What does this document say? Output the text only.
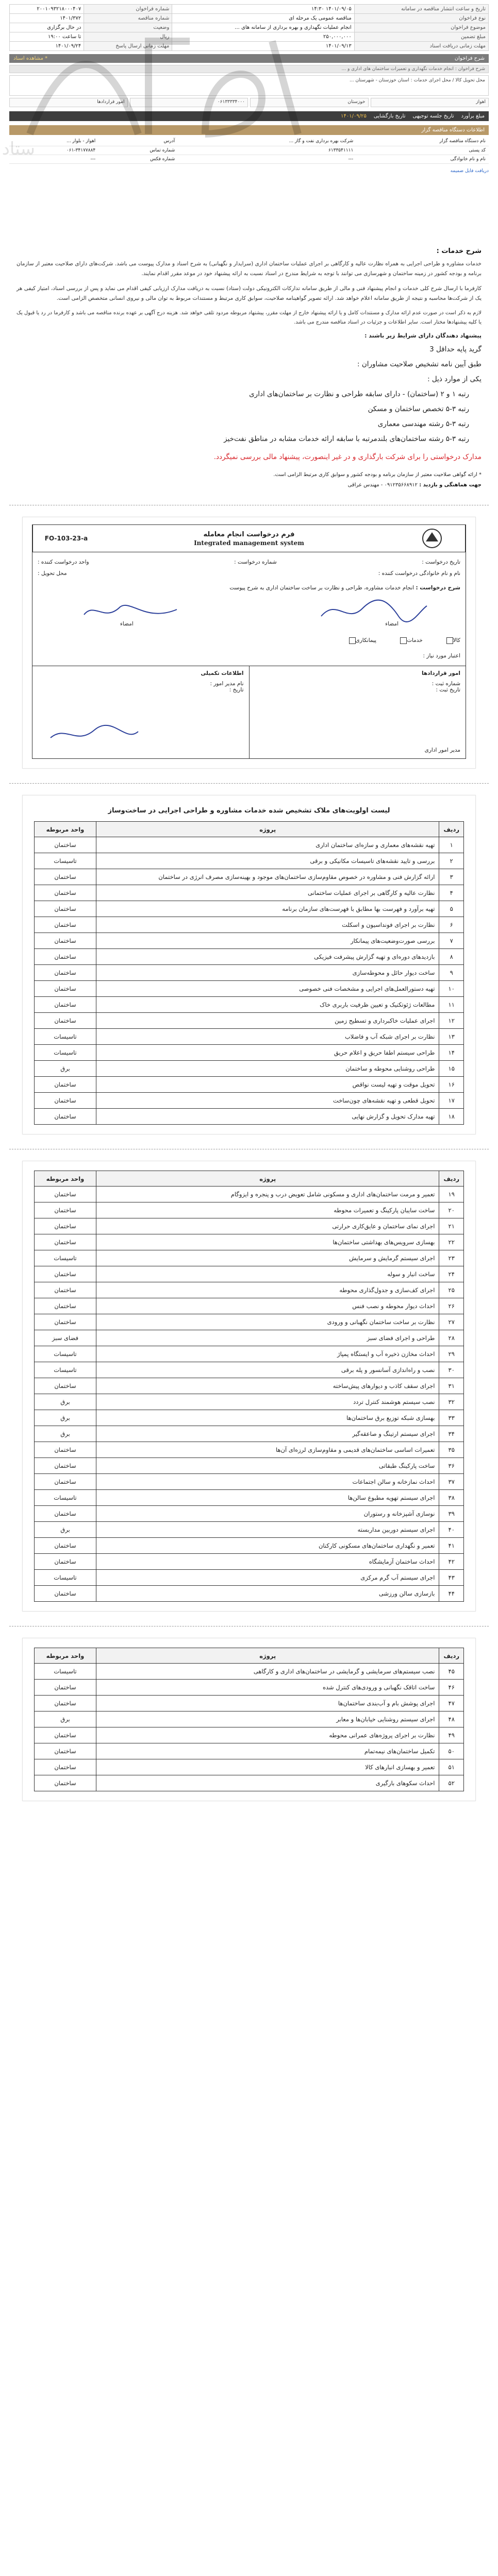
ستاد
تاریخ و ساعت انتشار مناقصه در سامانه	۱۴۰۱/۰۹/۰۵ ۱۴:۳۰	شماره فراخوان	۲۰۰۱۰۹۳۲۱۸۰۰۰۴۰۷
نوع فراخوان	مناقصه عمومی یک مرحله ای	شماره مناقصه	۱۴۰۱/۳۷۲
موضوع فراخوان	انجام عملیات نگهداری و بهره برداری از سامانه های ...	وضعیت	در حال برگزاری
مبلغ تضمین	۲۵۰,۰۰۰,۰۰۰	ریال	تا ساعت ۱۹:۰۰
مهلت زمانی دریافت اسناد	۱۴۰۱/۰۹/۱۳	مهلت زمانی ارسال پاسخ	۱۴۰۱/۰۹/۲۴
شرح فراخوان
* مشاهده اسناد
شرح فراخوان : انجام خدمات نگهداری و تعمیرات ساختمان های اداری و ...
محل تحویل کالا / محل اجرای خدمات : استان خوزستان - شهرستان ...
اهواز
خوزستان
۰۶۱۳۳۳۳۴۰۰۰
امور قراردادها
مبلغ برآورد
تاریخ جلسه توجیهی
تاریخ بازگشایی
۱۴۰۱/۰۹/۲۵
اطلاعات دستگاه مناقصه گزار
نام دستگاه مناقصه گزار	شرکت بهره برداری نفت و گاز ...	آدرس	اهواز - بلوار ...
کد پستی	۶۱۳۳۵۴۱۱۱۱	شماره تماس	۰۶۱-۳۴۱۷۷۸۸۴
نام و نام خانوادگی	---	شماره فکس	---
دریافت فایل ضمیمه
شرح خدمات :

خدمات مشاوره و طراحی اجرایی به همراه نظارت عالیه و کارگاهی بر اجرای عملیات ساختمان اداری (سرایدار و نگهبانی) به شرح اسناد و مدارک پیوست می باشد. شرکت‌های دارای صلاحیت معتبر از سازمان برنامه و بودجه کشور در زمینه ساختمان و شهرسازی می توانند با توجه به شرایط مندرج در اسناد نسبت به ارائه پیشنهاد خود در موعد مقرر اقدام نمایند.

کارفرما با ارسال شرح کلی خدمات و انجام پیشنهاد فنی و مالی از طریق سامانه تدارکات الکترونیکی دولت (ستاد) نسبت به دریافت مدارک ارزیابی کیفی اقدام می نماید و پس از بررسی اسناد، امتیاز کیفی هر یک از شرکت‌ها محاسبه و نتیجه از طریق سامانه اعلام خواهد شد. ارائه تصویر گواهینامه صلاحیت، سوابق کاری مرتبط و مستندات مربوط به توان مالی و نیروی انسانی متخصص الزامی است.

لازم به ذکر است در صورت عدم ارائه مدارک و مستندات کامل و یا ارائه پیشنهاد خارج از مهلت مقرر، پیشنهاد مربوطه مردود تلقی خواهد شد. هزینه درج آگهی بر عهده برنده مناقصه می باشد و کارفرما در رد یا قبول یک یا کلیه پیشنهادها مختار است. سایر اطلاعات و جزئیات در اسناد مناقصه مندرج می باشد.

پیشنهاد دهندگان دارای شرایط زیر باشند :
گرید پایه حداقل 3
طبق آیین نامه تشخیص صلاحیت مشاوران :
یکی از موارد ذیل :
رتبه ۱ و ۲ (ساختمان) - دارای سابقه طراحی و نظارت بر ساختمان‌های اداری
رتبه ۳-۵ تخصص ساختمان و مسکن
رتبه ۳-۵ رشته مهندسی معماری
رتبه ۳-۵ رشته ساختمان‌های بلندمرتبه با سابقه ارائه خدمات مشابه در مناطق نفت‌خیز
مدارک درخواستی را برای شرکت بارگذاری و در غیر اینصورت، پیشنهاد مالی بررسی نمیگردد.
* ارائه گواهی صلاحیت معتبر از سازمان برنامه و بودجه کشور و سوابق کاری مرتبط الزامی است.
جهت هماهنگی و بازدید : ۰۹۱۲۳۵۶۶۸۹۱۲ - مهندس عراقی
فرم درخواست انجام معامله
Integrated management system
FO-103-23-a
تاریخ درخواست :
شماره درخواست :
واحد درخواست کننده :
نام و نام خانوادگی درخواست کننده :
محل تحویل :
شرح درخواست : انجام خدمات مشاوره، طراحی و نظارت بر ساخت ساختمان اداری به شرح پیوست
امضاء
امضاء
کالا
خدمات
پیمانکاری
اعتبار مورد نیاز :
امور قراردادها
شماره ثبت :
تاریخ ثبت :
مدیر امور اداری
اطلاعات تکمیلی
نام مدیر امور :
تاریخ :
لیست اولویت‌های ملاک تشخیص شده خدمات مشاوره و طراحی اجرایی در ساخت‌وساز
ردیف	پروژه	واحد مربوطه
۱	تهیه نقشه‌های معماری و سازه‌ای ساختمان اداری	ساختمان
۲	بررسی و تایید نقشه‌های تاسیسات مکانیکی و برقی	تاسیسات
۳	ارائه گزارش فنی و مشاوره در خصوص مقاوم‌سازی ساختمان‌های موجود و بهینه‌سازی مصرف انرژی در ساختمان	ساختمان
۴	نظارت عالیه و کارگاهی بر اجرای عملیات ساختمانی	ساختمان
۵	تهیه برآورد و فهرست بها مطابق با فهرست‌های سازمان برنامه	ساختمان
۶	نظارت بر اجرای فونداسیون و اسکلت	ساختمان
۷	بررسی صورت‌وضعیت‌های پیمانکار	ساختمان
۸	بازدیدهای دوره‌ای و تهیه گزارش پیشرفت فیزیکی	ساختمان
۹	ساخت دیوار حائل و محوطه‌سازی	ساختمان
۱۰	تهیه دستورالعمل‌های اجرایی و مشخصات فنی خصوصی	ساختمان
۱۱	مطالعات ژئوتکنیک و تعیین ظرفیت باربری خاک	ساختمان
۱۲	اجرای عملیات خاکبرداری و تسطیح زمین	ساختمان
۱۳	نظارت بر اجرای شبکه آب و فاضلاب	تاسیسات
۱۴	طراحی سیستم اطفا حریق و اعلام حریق	تاسیسات
۱۵	طراحی روشنایی محوطه و ساختمان	برق
۱۶	تحویل موقت و تهیه لیست نواقص	ساختمان
۱۷	تحویل قطعی و تهیه نقشه‌های چون‌ساخت	ساختمان
۱۸	تهیه مدارک تحویل و گزارش نهایی	ساختمان
ردیف	پروژه	واحد مربوطه
۱۹	تعمیر و مرمت ساختمان‌های اداری و مسکونی شامل تعویض درب و پنجره و ایزوگام	ساختمان
۲۰	ساخت سایبان پارکینگ و تعمیرات محوطه	ساختمان
۲۱	اجرای نمای ساختمان و عایق‌کاری حرارتی	ساختمان
۲۲	بهسازی سرویس‌های بهداشتی ساختمان‌ها	ساختمان
۲۳	اجرای سیستم گرمایش و سرمایش	تاسیسات
۲۴	ساخت انبار و سوله	ساختمان
۲۵	اجرای کف‌سازی و جدول‌گذاری محوطه	ساختمان
۲۶	احداث دیوار محوطه و نصب فنس	ساختمان
۲۷	نظارت بر ساخت ساختمان نگهبانی و ورودی	ساختمان
۲۸	طراحی و اجرای فضای سبز	فضای سبز
۲۹	احداث مخازن ذخیره آب و ایستگاه پمپاژ	تاسیسات
۳۰	نصب و راه‌اندازی آسانسور و پله برقی	تاسیسات
۳۱	اجرای سقف کاذب و دیوارهای پیش‌ساخته	ساختمان
۳۲	نصب سیستم هوشمند کنترل تردد	برق
۳۳	بهسازی شبکه توزیع برق ساختمان‌ها	برق
۳۴	اجرای سیستم ارتینگ و صاعقه‌گیر	برق
۳۵	تعمیرات اساسی ساختمان‌های قدیمی و مقاوم‌سازی لرزه‌ای آن‌ها	ساختمان
۳۶	ساخت پارکینگ طبقاتی	ساختمان
۳۷	احداث نمازخانه و سالن اجتماعات	ساختمان
۳۸	اجرای سیستم تهویه مطبوع سالن‌ها	تاسیسات
۳۹	نوسازی آشپزخانه و رستوران	ساختمان
۴۰	اجرای سیستم دوربین مداربسته	برق
۴۱	تعمیر و نگهداری ساختمان‌های مسکونی کارکنان	ساختمان
۴۲	احداث ساختمان آزمایشگاه	ساختمان
۴۳	اجرای سیستم آب گرم مرکزی	تاسیسات
۴۴	بازسازی سالن ورزشی	ساختمان
ردیف	پروژه	واحد مربوطه
۴۵	نصب سیستم‌های سرمایشی و گرمایشی در ساختمان‌های اداری و کارگاهی	تاسیسات
۴۶	ساخت اتاقک نگهبانی و ورودی‌های کنترل شده	ساختمان
۴۷	اجرای پوشش بام و آب‌بندی ساختمان‌ها	ساختمان
۴۸	اجرای سیستم روشنایی خیابان‌ها و معابر	برق
۴۹	نظارت بر اجرای پروژه‌های عمرانی محوطه	ساختمان
۵۰	تکمیل ساختمان‌های نیمه‌تمام	ساختمان
۵۱	تعمیر و بهسازی انبارهای کالا	ساختمان
۵۲	احداث سکوهای بارگیری	ساختمان
